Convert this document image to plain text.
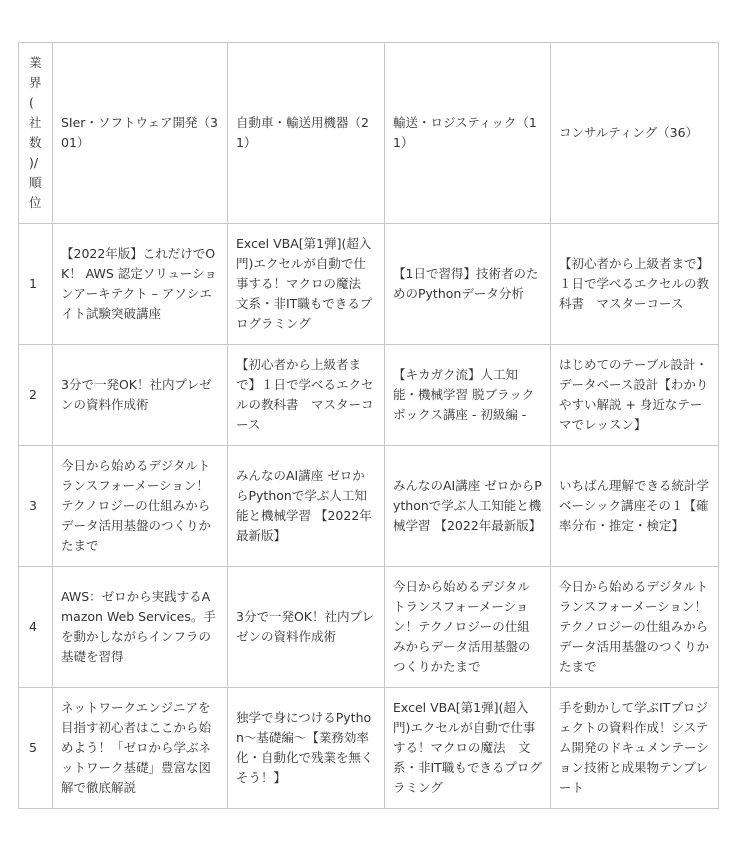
業界(社数)/順位	SIer・ソフトウェア開発（301）	自動車・輸送用機器（21）	輸送・ロジスティック（11）	コンサルティング（36）
1	【2022年版】これだけでOK！ AWS 認定ソリューションアーキテクト – アソシエイト試験突破講座	Excel VBA[第1弾](超入門)エクセルが自動で仕事する！マクロの魔法　文系・非IT職もできるプログラミング	【1日で習得】技術者のためのPythonデータ分析	【初心者から上級者まで】１日で学べるエクセルの教科書　マスターコース
2	3分で一発OK！社内プレゼンの資料作成術	【初心者から上級者まで】１日で学べるエクセルの教科書　マスターコース	【キカガク流】人工知能・機械学習 脱ブラックボックス講座 - 初級編 -	はじめてのテーブル設計・データベース設計【わかりやすい解説 + 身近なテーマでレッスン】
3	今日から始めるデジタルトランスフォーメーション！テクノロジーの仕組みからデータ活用基盤のつくりかたまで	みんなのAI講座 ゼロからPythonで学ぶ人工知能と機械学習 【2022年最新版】	みんなのAI講座 ゼロからPythonで学ぶ人工知能と機械学習 【2022年最新版】	いちばん理解できる統計学ベーシック講座その１【確率分布・推定・検定】
4	AWS：ゼロから実践するAmazon Web Services。手を動かしながらインフラの基礎を習得	3分で一発OK！社内プレゼンの資料作成術	今日から始めるデジタルトランスフォーメーション！テクノロジーの仕組みからデータ活用基盤のつくりかたまで	今日から始めるデジタルトランスフォーメーション！テクノロジーの仕組みからデータ活用基盤のつくりかたまで
5	ネットワークエンジニアを目指す初心者はここから始めよう！「ゼロから学ぶネットワーク基礎」豊富な図解で徹底解説	独学で身につけるPython〜基礎編〜【業務効率化・自動化で残業を無くそう！】	Excel VBA[第1弾](超入門)エクセルが自動で仕事する！マクロの魔法　文系・非IT職もできるプログラミング	手を動かして学ぶITプロジェクトの資料作成！システム開発のドキュメンテーション技術と成果物テンプレート
